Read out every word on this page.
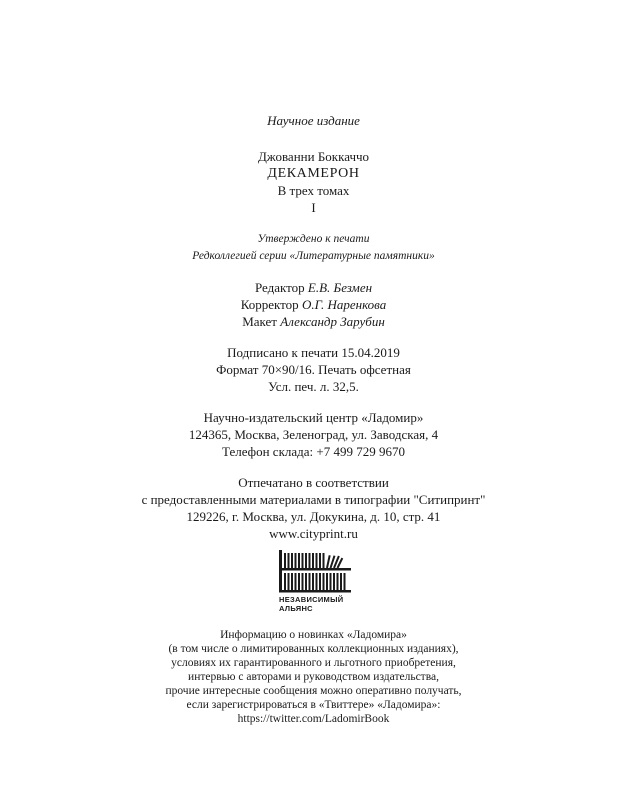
Научное издание
Джованни Боккаччо
ДЕКАМЕРОН
В трех томах
I
Утверждено к печати
Редколлегией серии «Литературные памятники»
Редактор Е.В. Безмен
Корректор О.Г. Наренкова
Макет Александр Зарубин
Подписано к печати 15.04.2019
Формат 70×90/16. Печать офсетная
Усл. печ. л. 32,5.
Научно-издательский центр «Ладомир»
124365, Москва, Зеленоград, ул. Заводская, 4
Телефон склада: +7 499 729 9670
Отпечатано в соответствии
с предоставленными материалами в типографии "Ситипринт"
129226, г. Москва, ул. Докукина, д. 10, стр. 41
www.cityprint.ru
НЕЗАВИСИМЫЙ
АЛЬЯНС
Информацию о новинках «Ладомира»
(в том числе о лимитированных коллекционных изданиях),
условиях их гарантированного и льготного приобретения,
интервью с авторами и руководством издательства,
прочие интересные сообщения можно оперативно получать,
если зарегистрироваться в «Твиттере» «Ладомира»:
https://twitter.com/LadomirBook
